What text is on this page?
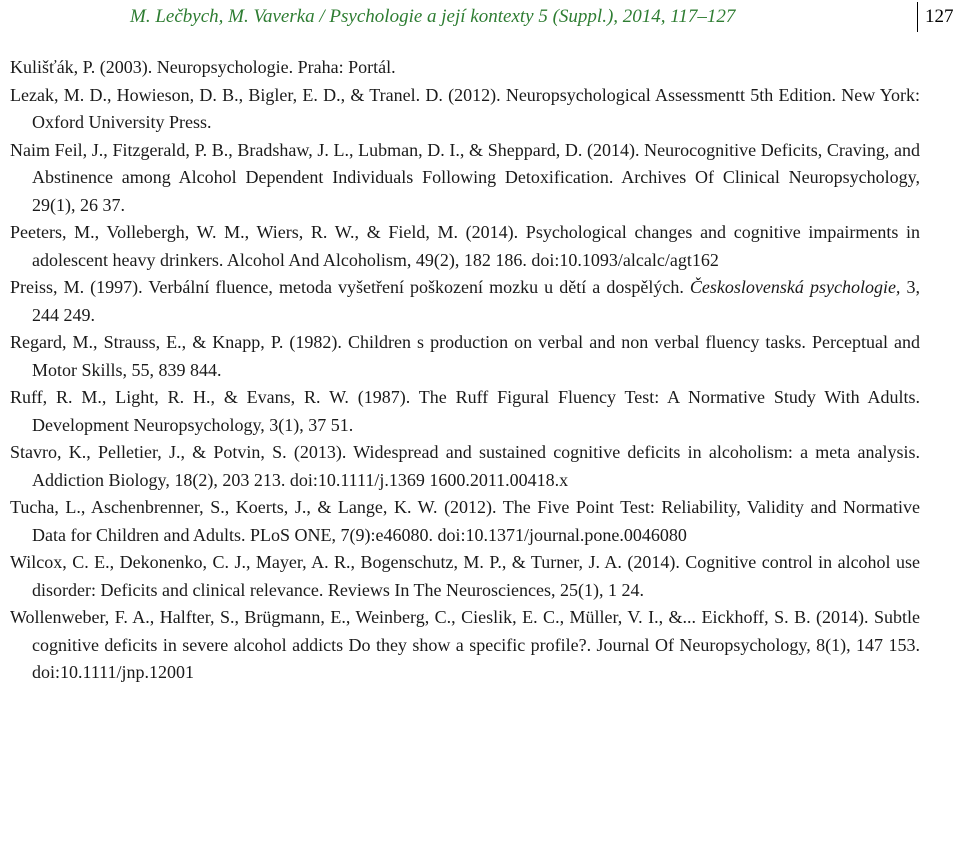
M. Lečbych, M. Vaverka / Psychologie a její kontexty 5 (Suppl.), 2014, 117–127	127

Kulišťák, P. (2003). Neuropsychologie. Praha: Portál.

Lezak, M. D., Howieson, D. B., Bigler, E. D., & Tranel. D. (2012). Neuropsychological Assessmentt 5th Edition. New York: Oxford University Press.

Naim Feil, J., Fitzgerald, P. B., Bradshaw, J. L., Lubman, D. I., & Sheppard, D. (2014). Neurocognitive Deficits, Craving, and Abstinence among Alcohol Dependent Individuals Following Detoxification. Archives Of Clinical Neuropsychology, 29(1), 26 37.

Peeters, M., Vollebergh, W. M., Wiers, R. W., & Field, M. (2014). Psychological changes and cognitive impairments in adolescent heavy drinkers. Alcohol And Alcoholism, 49(2), 182 186. doi:10.1093/alcalc/agt162

Preiss, M. (1997). Verbální fluence, metoda vyšetření poškození mozku u dětí a dospělých. Československá psychologie, 3, 244 249.

Regard, M., Strauss, E., & Knapp, P. (1982). Children s production on verbal and non verbal fluency tasks. Perceptual and Motor Skills, 55, 839 844.

Ruff, R. M., Light, R. H., & Evans, R. W. (1987). The Ruff Figural Fluency Test: A Normative Study With Adults. Development Neuropsychology, 3(1), 37 51.

Stavro, K., Pelletier, J., & Potvin, S. (2013). Widespread and sustained cognitive deficits in alcoholism: a meta analysis. Addiction Biology, 18(2), 203 213. doi:10.1111/j.1369 1600.2011.00418.x

Tucha, L., Aschenbrenner, S., Koerts, J., & Lange, K. W. (2012). The Five Point Test: Reliability, Validity and Normative Data for Children and Adults. PLoS ONE, 7(9):e46080. doi:10.1371/journal.pone.0046080

Wilcox, C. E., Dekonenko, C. J., Mayer, A. R., Bogenschutz, M. P., & Turner, J. A. (2014). Cognitive control in alcohol use disorder: Deficits and clinical relevance. Reviews In The Neurosciences, 25(1), 1 24.

Wollenweber, F. A., Halfter, S., Brügmann, E., Weinberg, C., Cieslik, E. C., Müller, V. I., &... Eickhoff, S. B. (2014). Subtle cognitive deficits in severe alcohol addicts Do they show a specific profile?. Journal Of Neuropsychology, 8(1), 147 153. doi:10.1111/jnp.12001
